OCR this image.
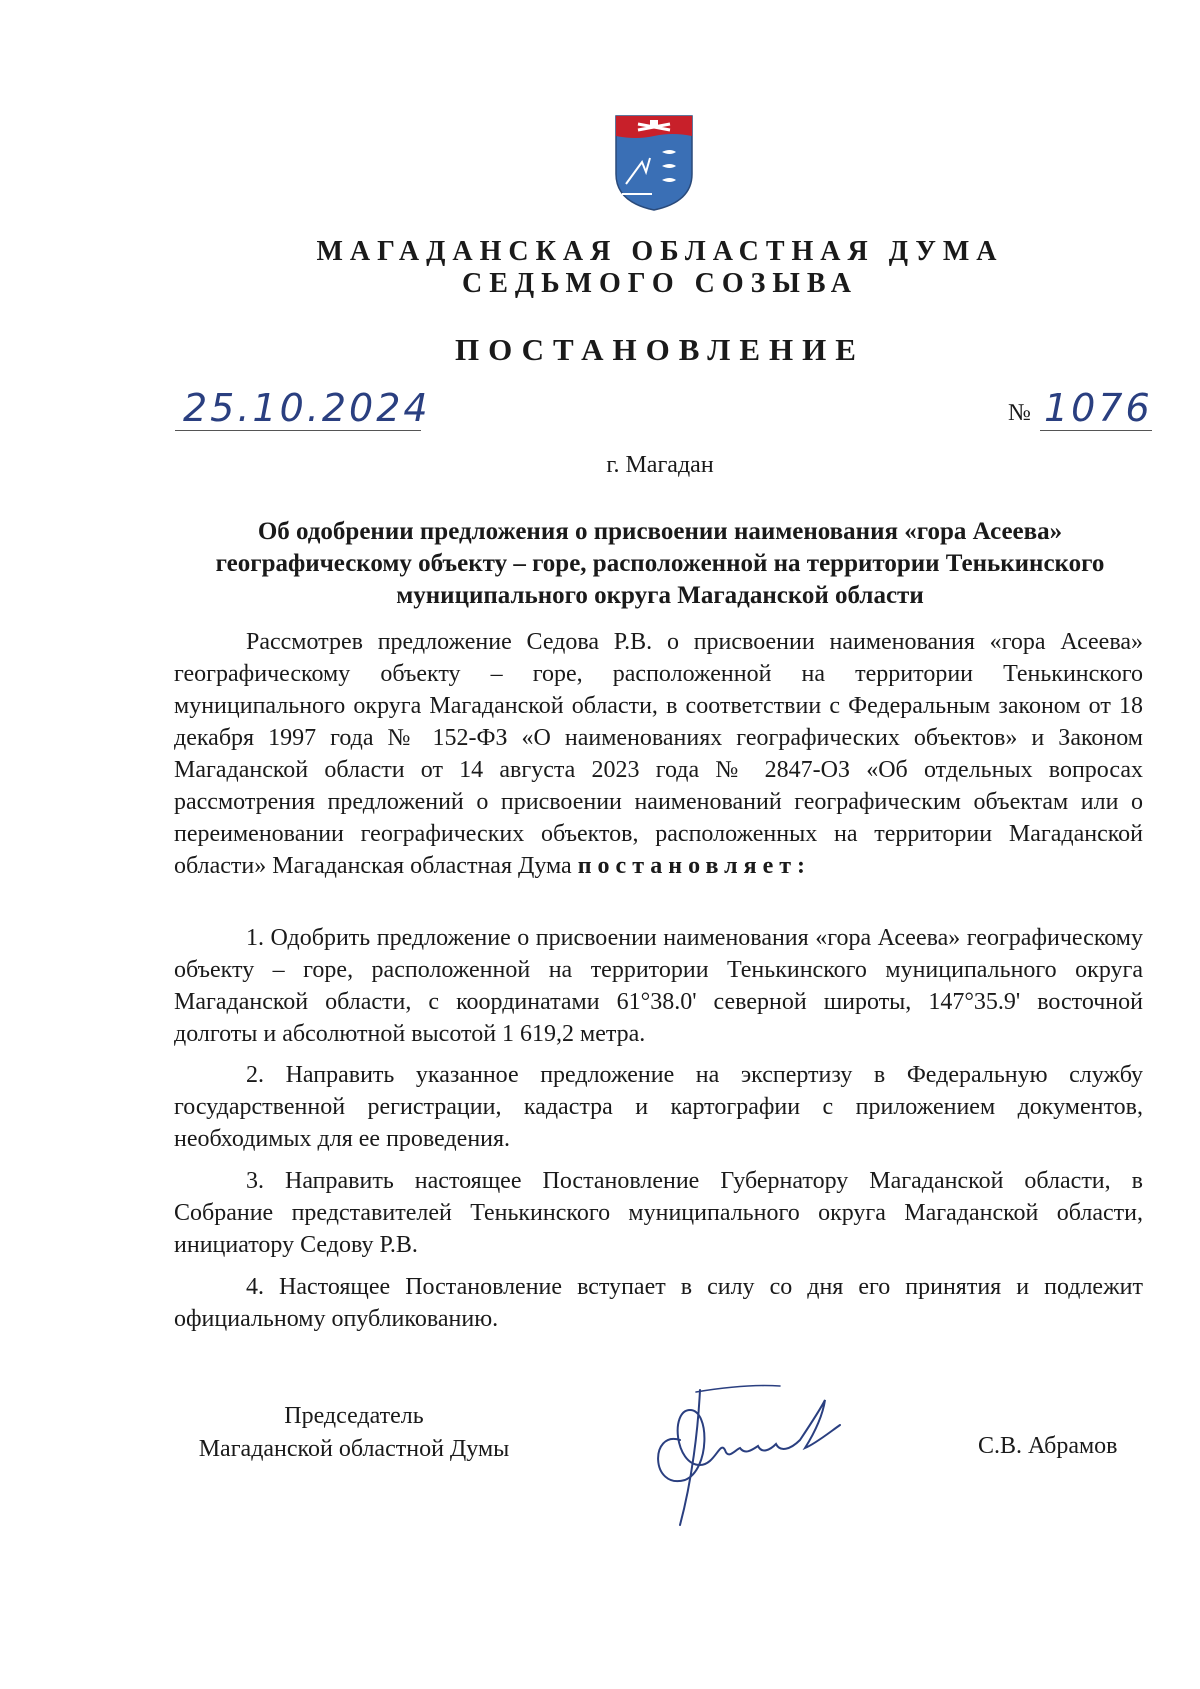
МАГАДАНСКАЯ ОБЛАСТНАЯ ДУМА
СЕДЬМОГО СОЗЫВА
ПОСТАНОВЛЕНИЕ
25.10.2024	№ 1076
г. Магадан
Об одобрении предложения о присвоении наименования «гора Асеева» географическому объекту – горе, расположенной на территории Тенькинского муниципального округа Магаданской области

Рассмотрев предложение Седова Р.В. о присвоении наименования «гора Асеева» географическому объекту – горе, расположенной на территории Тенькинского муниципального округа Магаданской области, в соответствии с Федеральным законом от 18 декабря 1997 года № 152-ФЗ «О наименованиях географических объектов» и Законом Магаданской области от 14 августа 2023 года № 2847-ОЗ «Об отдельных вопросах рассмотрения предложений о присвоении наименований географическим объектам или о переименовании географических объектов, расположенных на территории Магаданской области» Магаданская областная Дума постановляет:

1. Одобрить предложение о присвоении наименования «гора Асеева» географическому объекту – горе, расположенной на территории Тенькинского муниципального округа Магаданской области, с координатами 61°38.0' северной широты, 147°35.9' восточной долготы и абсолютной высотой 1 619,2 метра.

2. Направить указанное предложение на экспертизу в Федеральную службу государственной регистрации, кадастра и картографии с приложением документов, необходимых для ее проведения.

3. Направить настоящее Постановление Губернатору Магаданской области, в Собрание представителей Тенькинского муниципального округа Магаданской области, инициатору Седову Р.В.

4. Настоящее Постановление вступает в силу со дня его принятия и подлежит официальному опубликованию.

Председатель
Магаданской областной Думы	С.В. Абрамов
